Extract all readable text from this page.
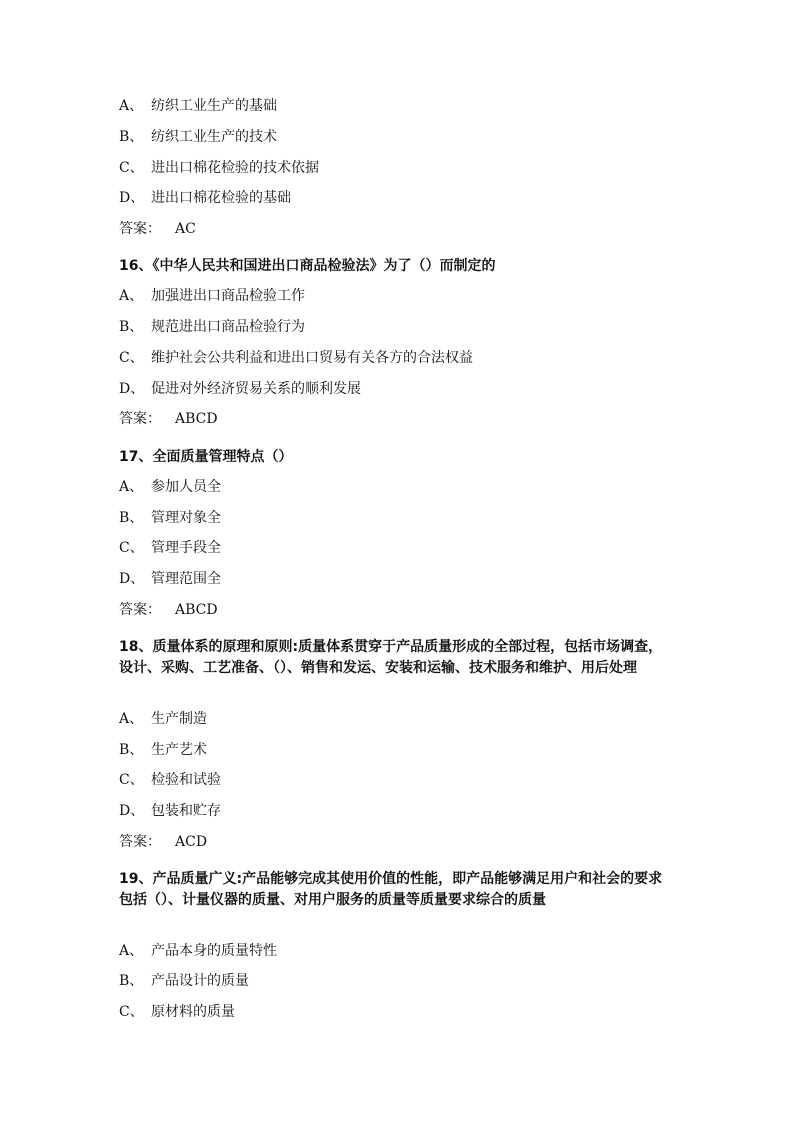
A、 纺织工业生产的基础
B、 纺织工业生产的技术
C、 进出口棉花检验的技术依据
D、 进出口棉花检验的基础
答案： AC
16、《中华人民共和国进出口商品检验法》为了（）而制定的
A、 加强进出口商品检验工作
B、 规范进出口商品检验行为
C、 维护社会公共利益和进出口贸易有关各方的合法权益
D、 促进对外经济贸易关系的顺利发展
答案： ABCD
17、全面质量管理特点（）
A、 参加人员全
B、 管理对象全
C、 管理手段全
D、 管理范围全
答案： ABCD
18、质量体系的原理和原则:质量体系贯穿于产品质量形成的全部过程，包括市场调查，设计、采购、工艺准备、（）、销售和发运、安装和运输、技术服务和维护、用后处理
A、 生产制造
B、 生产艺术
C、 检验和试验
D、 包装和贮存
答案： ACD
19、产品质量广义:产品能够完成其使用价值的性能，即产品能够满足用户和社会的要求包括（）、计量仪器的质量、对用户服务的质量等质量要求综合的质量
A、 产品本身的质量特性
B、 产品设计的质量
C、 原材料的质量
